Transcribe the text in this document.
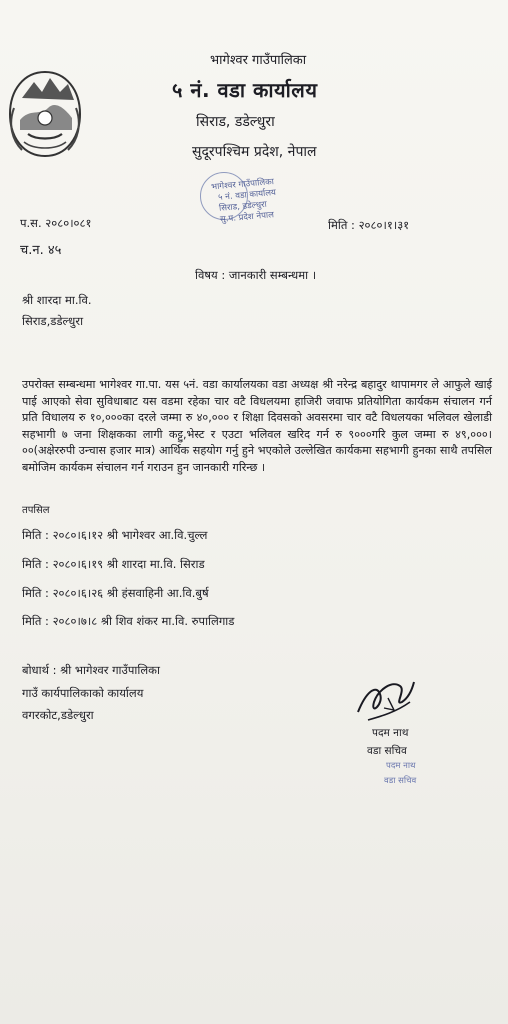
भागेश्वर गाउँपालिका
५ नं. वडा कार्यालय
सिराड, डडेल्धुरा
सुदूरपश्चिम प्रदेश, नेपाल
भागेश्वर गाउँपालिका
५ नं. वडा कार्यालय
सिराड, डडेल्धुरा
सु.प. प्रदेश नेपाल
प.स. २०८०।०८१
च.न. ४५
मिति : २०८०।१।३१
विषय : जानकारी सम्बन्धमा ।
श्री शारदा मा.वि.
सिराड,डडेल्धुरा
उपरोक्त सम्बन्धमा भागेश्वर गा.पा. यस ५नं. वडा कार्यालयका वडा अध्यक्ष श्री नरेन्द्र बहादुर थापामगर ले आफुले खाई पाई आएको सेवा सुविधाबाट यस वडमा रहेका चार वटै विधलयमा हाजिरी जवाफ प्रतियोगिता कार्यकम संचालन गर्न प्रति विधालय रु १०,०००का दरले जम्मा रु ४०,००० र शिक्षा दिवसको अवसरमा चार वटै विधलयका भलिवल खेलाडी सहभागी ७ जना शिक्षकका लागी कट्टु,भेस्ट र एउटा भलिवल खरिद गर्न रु ९०००गरि कुल जम्मा रु ४९,०००।००(अक्षेररुपी उन्चास हजार मात्र) आर्थिक सहयोग गर्नु हुने भएकोले उल्लेखित कार्यकमा सहभागी हुनका साथै तपसिल बमोजिम कार्यकम संचालन गर्न गराउन हुन जानकारी गरिन्छ ।
तपसिल
मिति : २०८०।६।१२ श्री भागेश्वर आ.वि.चुल्ल
मिति : २०८०।६।१९ श्री शारदा मा.वि. सिराड
मिति : २०८०।६।२६ श्री हंसवाहिनी आ.वि.बुर्ष
मिति : २०८०।७।८ श्री शिव शंकर मा.वि. रुपालिगाड
बोधार्थ : श्री भागेश्वर गाउँपालिका
गाउँ कार्यपालिकाको कार्यालय
वगरकोट,डडेल्धुरा
पदम नाथ
वडा सचिव
पदम नाथ
वडा सचिव
